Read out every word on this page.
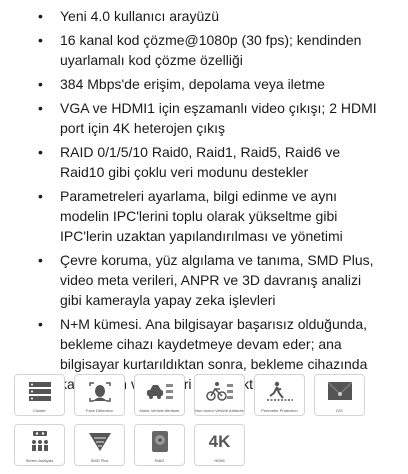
• Yeni 4.0 kullanıcı arayüzü
• 16 kanal kod çözme@1080p (30 fps); kendinden uyarlamalı kod çözme özelliği
• 384 Mbps'de erişim, depolama veya iletme
• VGA ve HDMI1 için eşzamanlı video çıkışı; 2 HDMI port için 4K heterojen çıkış
• RAID 0/1/5/10 Raid0, Raid1, Raid5, Raid6 ve Raid10 gibi çoklu veri modunu destekler
• Parametreleri ayarlama, bilgi edinme ve aynı modelin IPC'lerini toplu olarak yükseltme gibi IPC'lerin uzaktan yapılandırılması ve yönetimi
• Çevre koruma, yüz algılama ve tanıma, SMD Plus, video meta verileri, ANPR ve 3D davranış analizi gibi kamerayla yapay zeka işlevleri
• N+M kümesi. Ana bilgisayar başarısız olduğunda, bekleme cihazı kaydetmeye devam eder; ana bilgisayar kurtarıldıktan sonra, bekleme cihazında
Cluster	Face Detection	Motor Vehicle Attribute	Non-motor Vehicle Attribute	Perimeter Protection	IVS
Stereo Analysis	SMD Plus	RAID
4K
HDMI
